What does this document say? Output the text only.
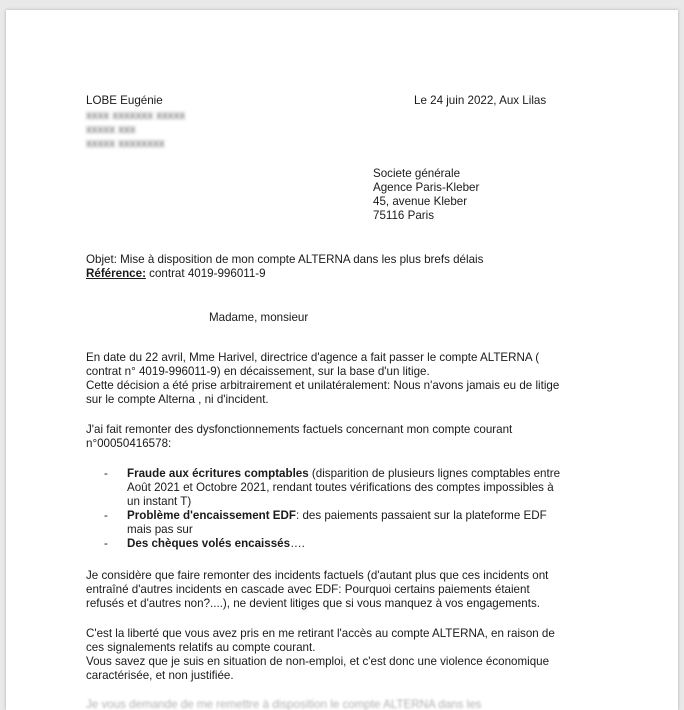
LOBE Eugénie
xxxx xxxxxxx xxxxx
xxxxx xxx
xxxxx xxxxxxxx
Le 24 juin 2022, Aux Lilas
Societe générale
Agence Paris-Kleber
45, avenue Kleber
75116 Paris
Objet: Mise à disposition de mon compte ALTERNA dans les plus brefs délais
Référence: contrat 4019-996011-9
Madame, monsieur

En date du 22 avril, Mme Harivel, directrice d'agence a fait passer le compte ALTERNA (

contrat n° 4019-996011-9) en décaissement, sur la base d'un litige.

Cette décision a été prise arbitrairement et unilatéralement: Nous n'avons jamais eu de litige

sur le compte Alterna , ni d'incident.

J'ai fait remonter des dysfonctionnements factuels concernant mon compte courant

n°00050416578:

- Fraude aux écritures comptables (disparition de plusieurs lignes comptables entre
Août 2021 et Octobre 2021, rendant toutes vérifications des comptes impossibles à
un instant T)
- Problème d'encaissement EDF: des paiements passaient sur la plateforme EDF
mais pas sur
- Des chèques volés encaissés….

Je considère que faire remonter des incidents factuels (d'autant plus que ces incidents ont

entraîné d'autres incidents en cascade avec EDF: Pourquoi certains paiements étaient

refusés et d'autres non?....), ne devient litiges que si vous manquez à vos engagements.

C'est la liberté que vous avez pris en me retirant l'accès au compte ALTERNA, en raison de

ces signalements relatifs au compte courant.

Vous savez que je suis en situation de non-emploi, et c'est donc une violence économique

caractérisée, et non justifiée.

Je vous demande de me remettre à disposition le compte ALTERNA dans les
